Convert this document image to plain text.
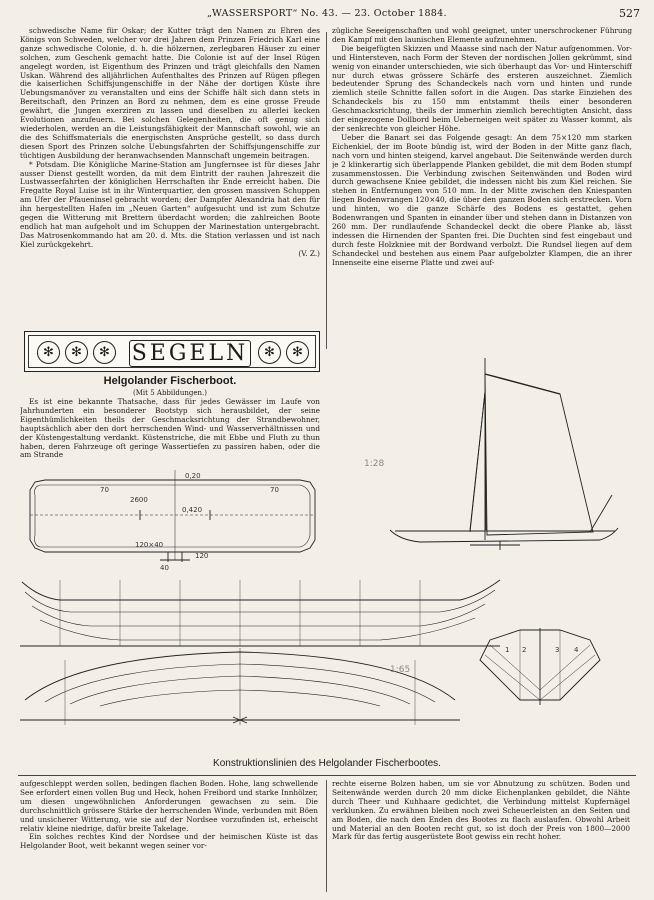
„WASSERSPORT“ No. 43. — 23. October 1884.	527

schwedische Name für Oskar; der Kutter trägt den Namen zu Ehren des Königs von Schweden, welcher vor drei Jahren dem Prinzen Friedrich Karl eine ganze schwedische Colonie, d. h. die hölzernen, zerlegbaren Häuser zu einer solchen, zum Geschenk gemacht hatte. Die Colonie ist auf der Insel Rügen angelegt worden, ist Eigenthum des Prinzen und trägt gleichfalls den Namen Uskan. Während des alljährlichen Aufenthaltes des Prinzen auf Rügen pflegen die kaiserlichen Schiffsjungenschiffe in der Nähe der dortigen Küste ihre Uebungsmanöver zu veranstalten und eins der Schiffe hält sich dann stets in Bereitschaft, den Prinzen an Bord zu nehmen, dem es eine grosse Freude gewährt, die Jungen exerziren zu lassen und dieselben zu allerlei kecken Evolutionen anzufeuern. Bei solchen Gelegenheiten, die oft genug sich wiederholen, werden an die Leistungsfähigkeit der Mannschaft sowohl, wie an die des Schiffsmaterials die energischsten Ansprüche gestellt, so dass durch diesen Sport des Prinzen solche Uebungsfahrten der Schiffsjungenschiffe zur tüchtigen Ausbildung der heranwachsenden Mannschaft ungemein beitragen.

* Potsdam. Die Königliche Marine-Station am Jungfernsee ist für dieses Jahr ausser Dienst gestellt worden, da mit dem Eintritt der rauhen Jahreszeit die Lustwasserfahrten der königlichen Herrschaften ihr Ende erreicht haben. Die Fregatte Royal Luise ist in ihr Winterquartier, den grossen massiven Schuppen am Ufer der Pfaueninsel gebracht worden; der Dampfer Alexandria hat den für ihn hergestellten Hafen im „Neuen Garten“ aufgesucht und ist zum Schutze gegen die Witterung mit Brettern überdacht worden; die zahlreichen Boote endlich hat man aufgeholt und im Schuppen der Marinestation untergebracht. Das Matrosenkommando hat am 20. d. Mts. die Station verlassen und ist nach Kiel zurückgekehrt.

(V. Z.)

✻	✻	✻ SEGELN	✻	✻
Helgolander Fischerboot.
(Mit 5 Abbildungen.)

Es ist eine bekannte Thatsache, dass für jedes Gewässer im Laufe von Jahrhunderten ein besonderer Bootstyp sich herausbildet, der seine Eigenthümlichkeiten theils der Geschmacksrichtung der Strandbewohner, hauptsächlich aber den dort herrschenden Wind- und Wasserverhältnissen und der Küstengestaltung verdankt. Küstenstriche, die mit Ebbe und Fluth zu thun haben, deren Fahrzeuge oft geringe Wassertiefen zu passiren haben, oder die am Strande

zügliche Seeeigenschaften und wohl geeignet, unter unerschrockener Führung den Kampf mit den launischen Elemente aufzunehmen.

Die beigefügten Skizzen und Maasse sind nach der Natur aufgenommen. Vor- und Hintersteven, nach Form der Steven der nordischen Jollen gekrümmt, sind wenig von einander unterschieden, wie sich überhaupt das Vor- und Hinterschiff nur durch etwas grössere Schärfe des ersteren auszeichnet. Ziemlich bedeutender Sprung des Schandeckels nach vorn und hinten und runde ziemlich steile Schnitte fallen sofort in die Augen. Das starke Einziehen des Schandeckels bis zu 150 mm entstammt theils einer besonderen Geschmacksrichtung, theils der immerhin ziemlich berechtigten Ansicht, dass der eingezogene Dollbord beim Ueberneigen weit später zu Wasser kommt, als der senkrechte von gleicher Höhe.

Ueber die Banart sei das Folgende gesagt: An dem 75×120 mm starken Eichenkiel, der im Boote bündig ist, wird der Boden in der Mitte ganz flach, nach vorn und hinten steigend, karvel angebaut. Die Seitenwände werden durch je 2 klinkerartig sich überlappende Planken gebildet, die mit dem Boden stumpf zusammenstossen. Die Verbindung zwischen Seitenwänden und Boden wird durch gewachsene Kniee gebildet, die indessen nicht bis zum Kiel reichen. Sie stehen in Entfernungen von 510 mm. In der Mitte zwischen den Kniespanten liegen Bodenwrangen 120×40, die über den ganzen Boden sich erstrecken. Vorn und hinten, wo die ganze Schärfe des Bodens es gestattet, gehen Bodenwrangen und Spanten in einander über und stehen dann in Distanzen von 260 mm. Der rundlaufende Schandeckel deckt die obere Planke ab, lässt indessen die Hirnenden der Spanten frei. Die Duchten sind fest eingebaut und durch feste Holzkniee mit der Bordwand verbolzt. Die Rundsel liegen auf dem Schandeckel und bestehen aus einem Paar aufgebolzter Klampen, die an ihrer Innenseite eine eiserne Platte und zwei auf-

0,20
0,420
2600
120×40
70	70
120
40
1:28
1:65
1 2	3 4
Konstruktionslinien des Helgolander Fischerbootes.

aufgeschleppt werden sollen, bedingen flachen Boden. Hohe, lang schwellende See erfordert einen vollen Bug und Heck, hohen Freibord und starke Innhölzer, um diesen ungewöhnlichen Anforderungen gewachsen zu sein. Die durchschnittlich grössere Stärke der herrschenden Winde, verbunden mit Böen und unsicherer Witterung, wie sie auf der Nordsee vorzufinden ist, erheischt relativ kleine niedrige, dafür breite Takelage.

Ein solches rechtes Kind der Nordsee und der heimischen Küste ist das Helgolander Boot, weit bekannt wegen seiner vor-

rechte eiserne Bolzen haben, um sie vor Abnutzung zu schützen. Boden und Seitenwände werden durch 20 mm dicke Eichenplanken gebildet, die Nähte durch Theer und Kuhhaare gedichtet, die Verbindung mittelst Kupfernägel verklunken. Zu erwähnen bleiben noch zwei Scheuerleisten an den Seiten und am Boden, die nach den Enden des Bootes zu flach auslaufen. Obwohl Arbeit und Material an den Booten recht gut, so ist doch der Preis von 1800—2000 Mark für das fertig ausgerüstete Boot gewiss ein recht hoher.
